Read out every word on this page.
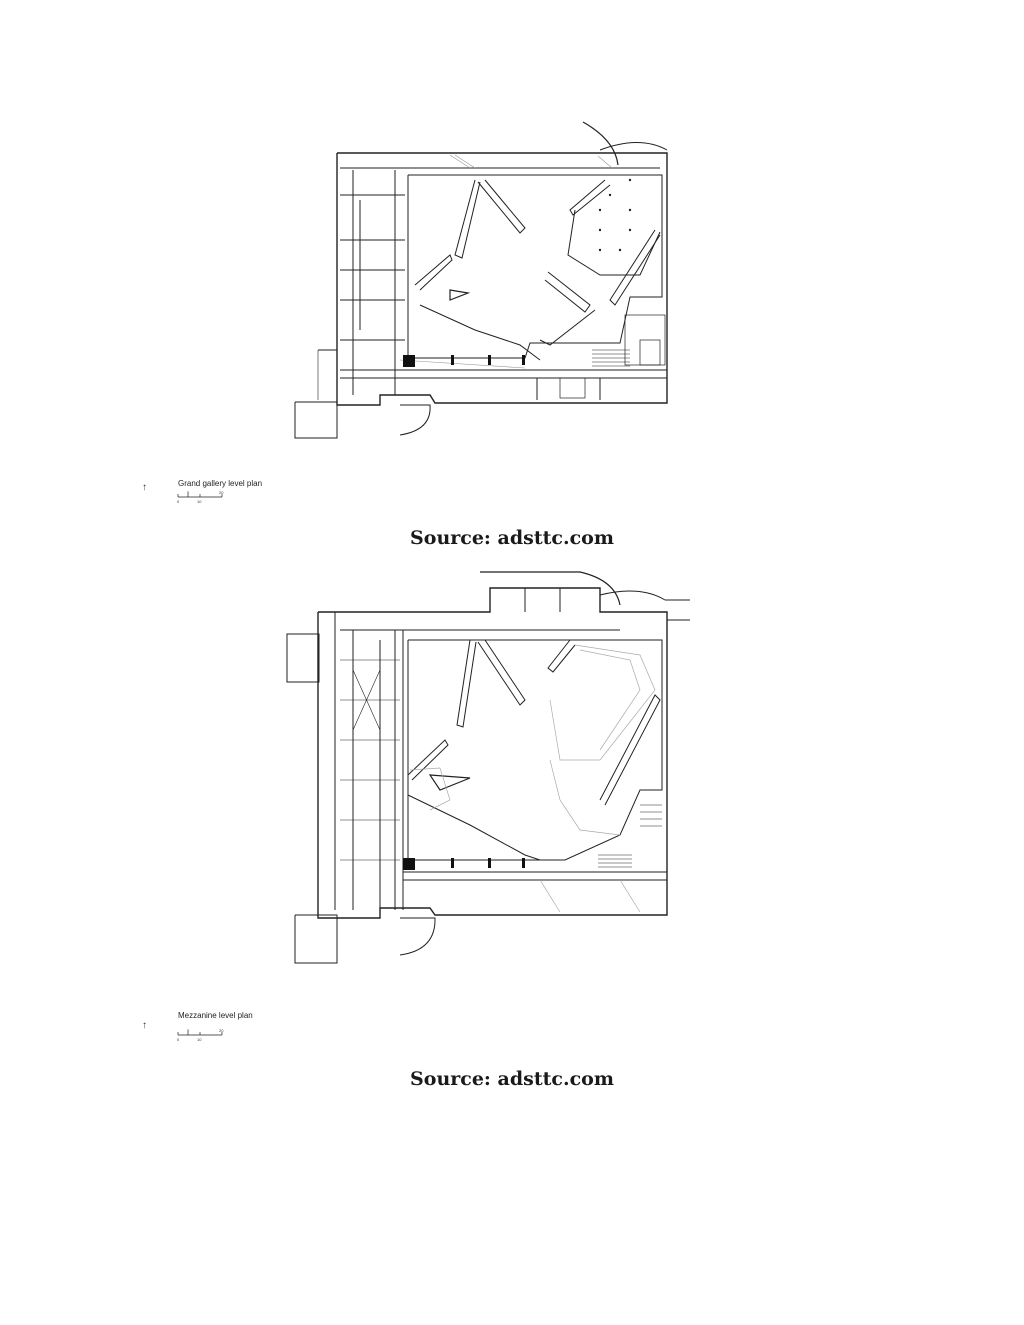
↑	Grand gallery level plan
0
5
10
20
Source: adsttc.com
↑
Mezzanine level plan
0
5
10
20
Source: adsttc.com
